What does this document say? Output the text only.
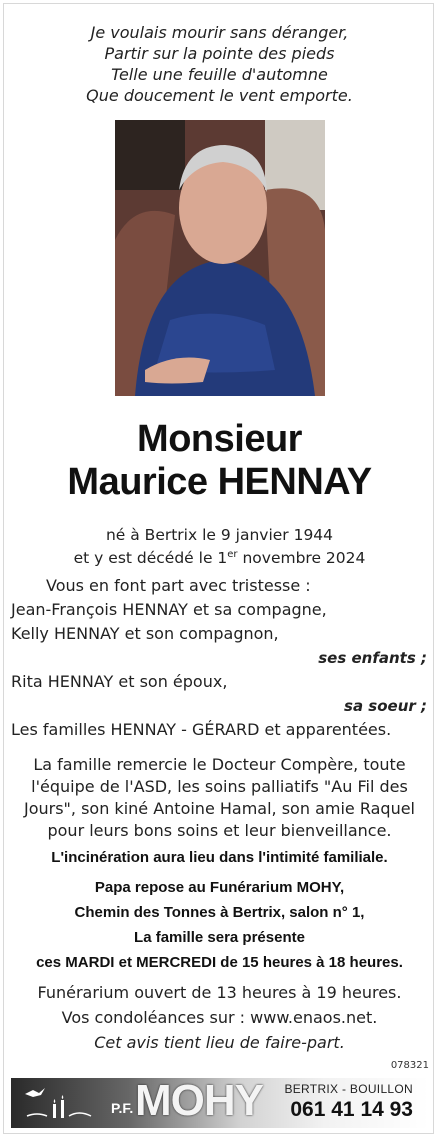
Je voulais mourir sans déranger,
Partir sur la pointe des pieds
Telle une feuille d'automne
Que doucement le vent emporte.
Monsieur
Maurice HENNAY
né à Bertrix le 9 janvier 1944
et y est décédé le 1er novembre 2024
Vous en font part avec tristesse :
Jean-François HENNAY et sa compagne,
Kelly HENNAY et son compagnon,
ses enfants ;
Rita HENNAY et son époux,
sa soeur ;
Les familles HENNAY - GÉRARD et apparentées.
La famille remercie le Docteur Compère, toute
l'équipe de l'ASD, les soins palliatifs "Au Fil des
Jours", son kiné Antoine Hamal, son amie Raquel
pour leurs bons soins et leur bienveillance.
L'incinération aura lieu dans l'intimité familiale.
Papa repose au Funérarium MOHY,
Chemin des Tonnes à Bertrix, salon n° 1,
La famille sera présente
ces MARDI et MERCREDI de 15 heures à 18 heures.
Funérarium ouvert de 13 heures à 19 heures.
Vos condoléances sur : www.enaos.net.
Cet avis tient lieu de faire-part.
078321
P.F. MOHY BERTRIX - BOUILLON
061 41 14 93
